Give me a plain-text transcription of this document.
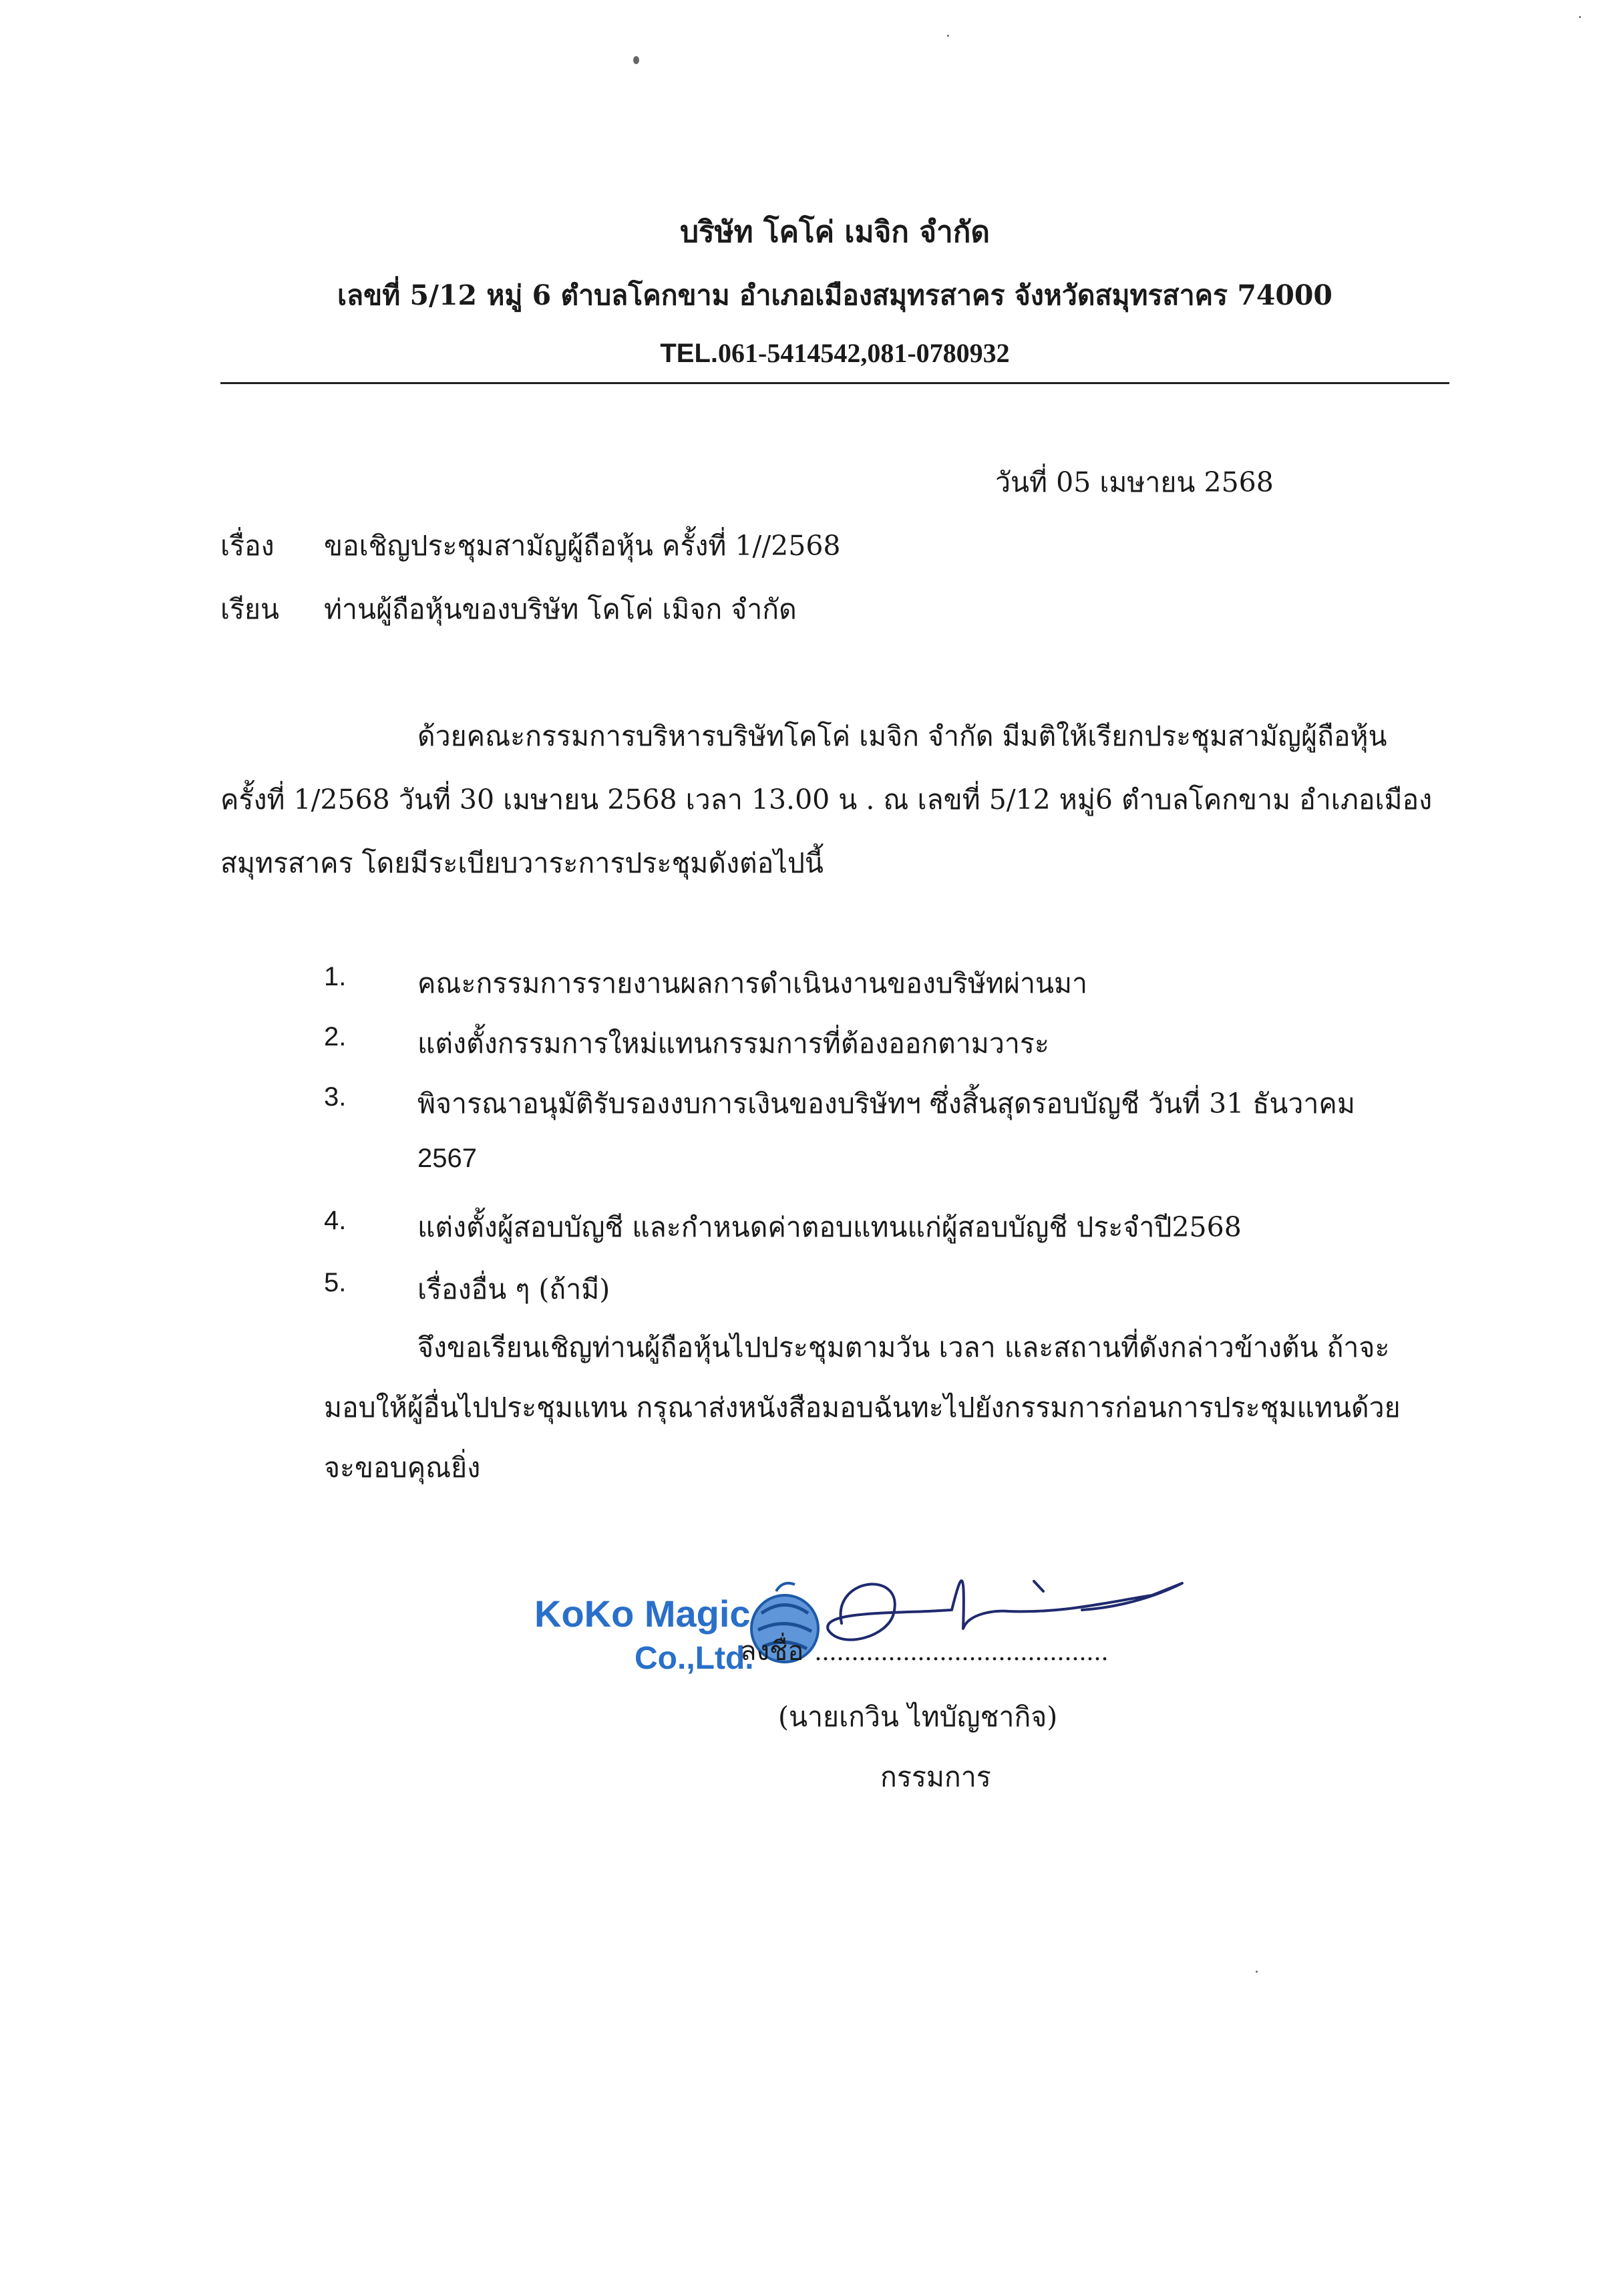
บริษัท โคโค่ เมจิก จำกัด
เลขที่ 5/12 หมู่ 6 ตำบลโคกขาม อำเภอเมืองสมุทรสาคร จังหวัดสมุทรสาคร 74000
TEL.061-5414542,081-0780932
วันที่ 05 เมษายน 2568
เรื่อง ขอเชิญประชุมสามัญผู้ถือหุ้น ครั้งที่ 1//2568
เรียน ท่านผู้ถือหุ้นของบริษัท โคโค่ เมิจก จำกัด
ด้วยคณะกรรมการบริหารบริษัทโคโค่ เมจิก จำกัด มีมติให้เรียกประชุมสามัญผู้ถือหุ้น
ครั้งที่ 1/2568 วันที่ 30 เมษายน 2568 เวลา 13.00 น . ณ เลขที่ 5/12 หมู่6 ตำบลโคกขาม อำเภอเมือง
สมุทรสาคร โดยมีระเบียบวาระการประชุมดังต่อไปนี้
1.	คณะกรรมการรายงานผลการดำเนินงานของบริษัทผ่านมา
2.	แต่งตั้งกรรมการใหม่แทนกรรมการที่ต้องออกตามวาระ
3.	พิจารณาอนุมัติรับรองงบการเงินของบริษัทฯ ซึ่งสิ้นสุดรอบบัญชี วันที่ 31 ธันวาคม
2567
4.	แต่งตั้งผู้สอบบัญชี และกำหนดค่าตอบแทนแก่ผู้สอบบัญชี ประจำปี2568
5.	เรื่องอื่น ๆ (ถ้ามี)
จึงขอเรียนเชิญท่านผู้ถือหุ้นไปประชุมตามวัน เวลา และสถานที่ดังกล่าวข้างต้น ถ้าจะ
มอบให้ผู้อื่นไปประชุมแทน กรุณาส่งหนังสือมอบฉันทะไปยังกรรมการก่อนการประชุมแทนด้วย
จะขอบคุณยิ่ง
KoKo Magic
Co.,Ltd.
ลงชื่อ ........................................
(นายเกวิน ไทบัญชากิจ)
กรรมการ
